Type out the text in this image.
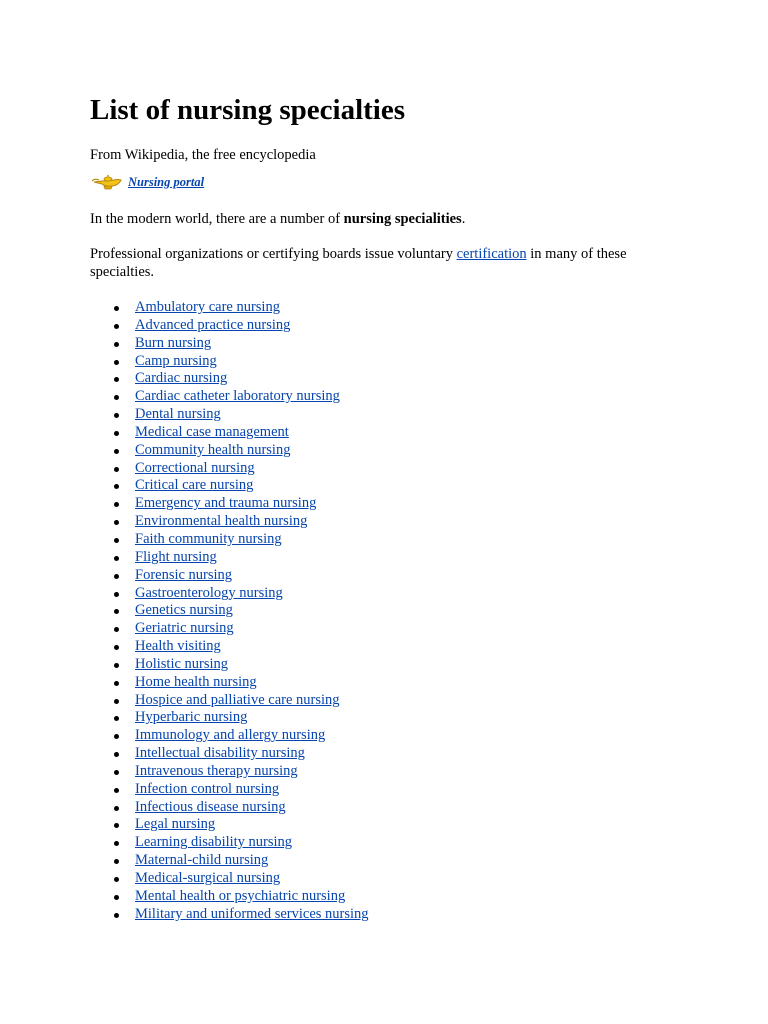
List of nursing specialties
From Wikipedia, the free encyclopedia
Nursing portal

In the modern world, there are a number of nursing specialities.

Professional organizations or certifying boards issue voluntary certification in many of these specialties.

Ambulatory care nursing
Advanced practice nursing
Burn nursing
Camp nursing
Cardiac nursing
Cardiac catheter laboratory nursing
Dental nursing
Medical case management
Community health nursing
Correctional nursing
Critical care nursing
Emergency and trauma nursing
Environmental health nursing
Faith community nursing
Flight nursing
Forensic nursing
Gastroenterology nursing
Genetics nursing
Geriatric nursing
Health visiting
Holistic nursing
Home health nursing
Hospice and palliative care nursing
Hyperbaric nursing
Immunology and allergy nursing
Intellectual disability nursing
Intravenous therapy nursing
Infection control nursing
Infectious disease nursing
Legal nursing
Learning disability nursing
Maternal-child nursing
Medical-surgical nursing
Mental health or psychiatric nursing
Military and uniformed services nursing
